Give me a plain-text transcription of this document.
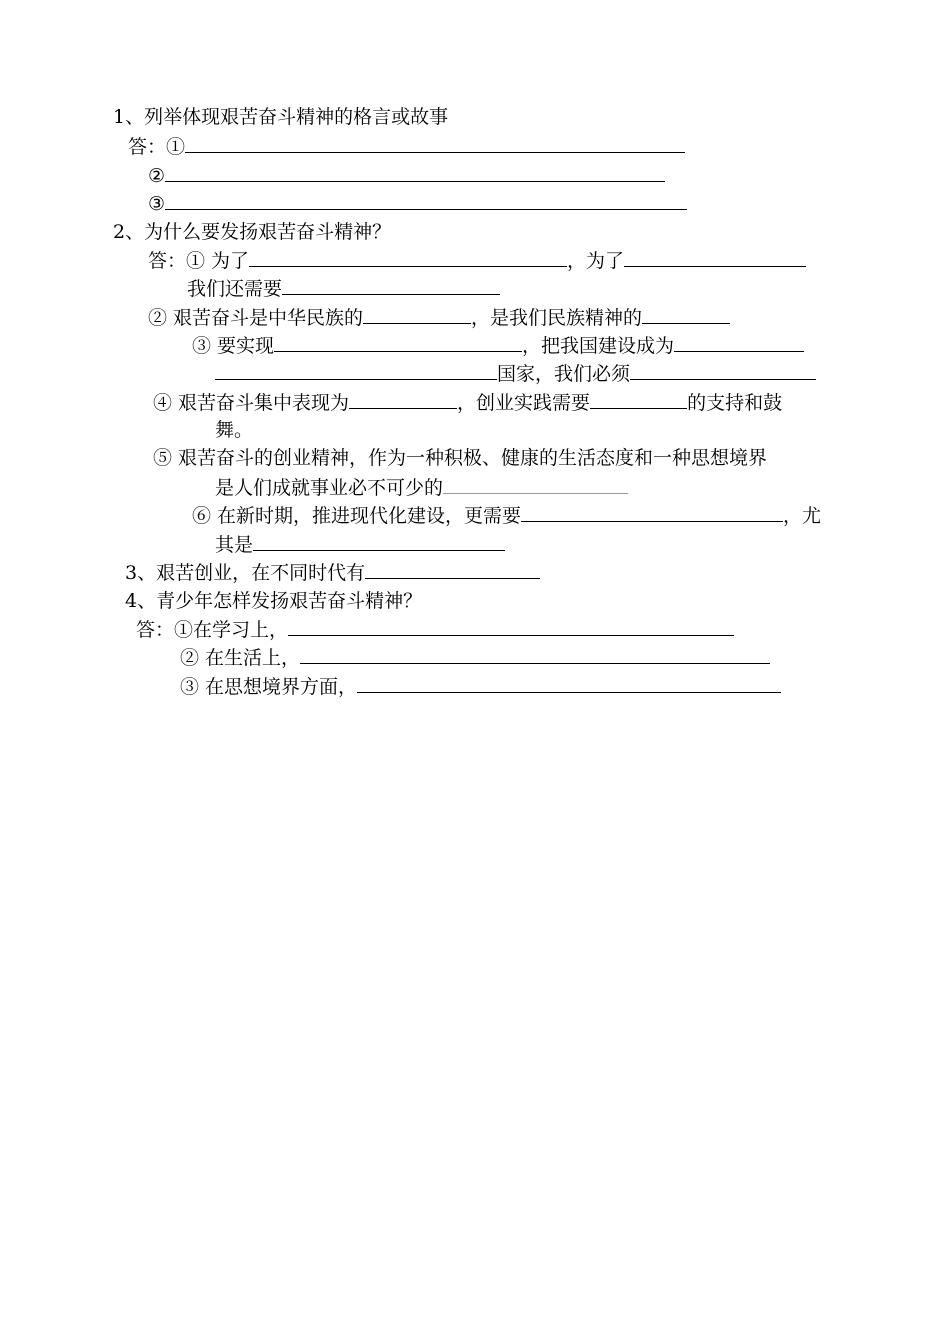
1、列举体现艰苦奋斗精神的格言或故事
答：①
②
③
2、为什么要发扬艰苦奋斗精神？
答：① 为了	，为了
我们还需要
② 艰苦奋斗是中华民族的	，是我们民族精神的
③ 要实现	，把我国建设成为
国家，我们必须
④ 艰苦奋斗集中表现为	，创业实践需要	的支持和鼓
舞。
⑤ 艰苦奋斗的创业精神，作为一种积极、健康的生活态度和一种思想境界
是人们成就事业必不可少的
⑥ 在新时期，推进现代化建设，更需要	，尤
其是
3、艰苦创业，在不同时代有
4、青少年怎样发扬艰苦奋斗精神？
答：①在学习上，
② 在生活上，
③ 在思想境界方面，
